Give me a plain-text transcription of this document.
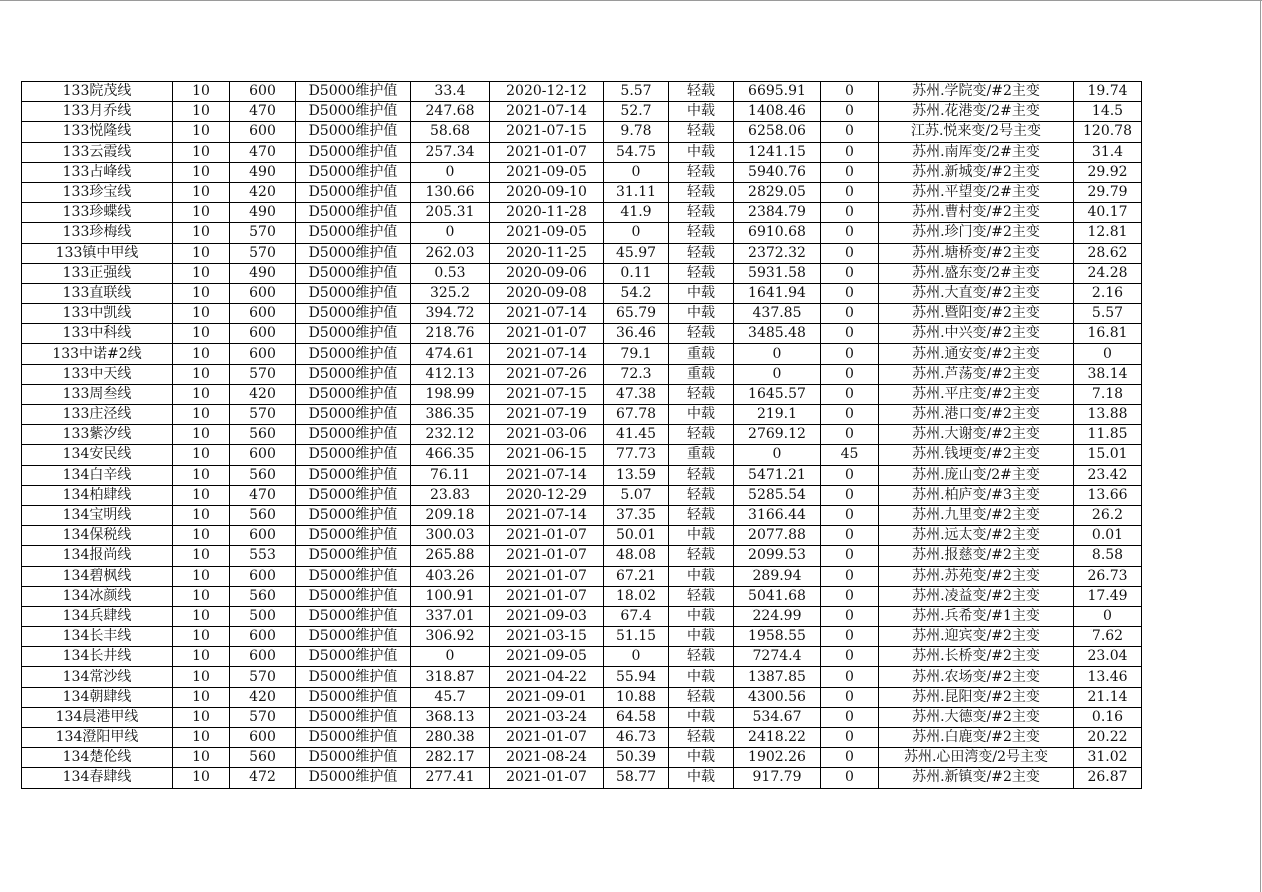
133院茂线	10	600	D5000维护值	33.4	2020-12-12	5.57	轻载	6695.91	0	苏州.学院变/#2主变	19.74
133月乔线	10	470	D5000维护值	247.68	2021-07-14	52.7	中载	1408.46	0	苏州.花港变/2#主变	14.5
133悦隆线	10	600	D5000维护值	58.68	2021-07-15	9.78	轻载	6258.06	0	江苏.悦来变/2号主变	120.78
133云霞线	10	470	D5000维护值	257.34	2021-01-07	54.75	中载	1241.15	0	苏州.南厍变/2#主变	31.4
133占峰线	10	490	D5000维护值	0	2021-09-05	0	轻载	5940.76	0	苏州.新城变/#2主变	29.92
133珍宝线	10	420	D5000维护值	130.66	2020-09-10	31.11	轻载	2829.05	0	苏州.平望变/2#主变	29.79
133珍蝶线	10	490	D5000维护值	205.31	2020-11-28	41.9	轻载	2384.79	0	苏州.曹村变/#2主变	40.17
133珍梅线	10	570	D5000维护值	0	2021-09-05	0	轻载	6910.68	0	苏州.珍门变/#2主变	12.81
133镇中甲线	10	570	D5000维护值	262.03	2020-11-25	45.97	轻载	2372.32	0	苏州.塘桥变/#2主变	28.62
133正强线	10	490	D5000维护值	0.53	2020-09-06	0.11	轻载	5931.58	0	苏州.盛东变/2#主变	24.28
133直联线	10	600	D5000维护值	325.2	2020-09-08	54.2	中载	1641.94	0	苏州.大直变/#2主变	2.16
133中凯线	10	600	D5000维护值	394.72	2021-07-14	65.79	中载	437.85	0	苏州.暨阳变/#2主变	5.57
133中科线	10	600	D5000维护值	218.76	2021-01-07	36.46	轻载	3485.48	0	苏州.中兴变/#2主变	16.81
133中诺#2线	10	600	D5000维护值	474.61	2021-07-14	79.1	重载	0	0	苏州.通安变/#2主变	0
133中天线	10	570	D5000维护值	412.13	2021-07-26	72.3	重载	0	0	苏州.芦荡变/#2主变	38.14
133周叁线	10	420	D5000维护值	198.99	2021-07-15	47.38	轻载	1645.57	0	苏州.平庄变/#2主变	7.18
133庄泾线	10	570	D5000维护值	386.35	2021-07-19	67.78	中载	219.1	0	苏州.港口变/#2主变	13.88
133紫汐线	10	560	D5000维护值	232.12	2021-03-06	41.45	轻载	2769.12	0	苏州.大谢变/#2主变	11.85
134安民线	10	600	D5000维护值	466.35	2021-06-15	77.73	重载	0	45	苏州.钱埂变/#2主变	15.01
134白辛线	10	560	D5000维护值	76.11	2021-07-14	13.59	轻载	5471.21	0	苏州.庞山变/2#主变	23.42
134柏肆线	10	470	D5000维护值	23.83	2020-12-29	5.07	轻载	5285.54	0	苏州.柏庐变/#3主变	13.66
134宝明线	10	560	D5000维护值	209.18	2021-07-14	37.35	轻载	3166.44	0	苏州.九里变/#2主变	26.2
134保税线	10	600	D5000维护值	300.03	2021-01-07	50.01	中载	2077.88	0	苏州.远太变/#2主变	0.01
134报尚线	10	553	D5000维护值	265.88	2021-01-07	48.08	轻载	2099.53	0	苏州.报慈变/#2主变	8.58
134碧枫线	10	600	D5000维护值	403.26	2021-01-07	67.21	中载	289.94	0	苏州.苏苑变/#2主变	26.73
134冰颜线	10	560	D5000维护值	100.91	2021-01-07	18.02	轻载	5041.68	0	苏州.凌益变/#2主变	17.49
134兵肆线	10	500	D5000维护值	337.01	2021-09-03	67.4	中载	224.99	0	苏州.兵希变/#1主变	0
134长丰线	10	600	D5000维护值	306.92	2021-03-15	51.15	中载	1958.55	0	苏州.迎宾变/#2主变	7.62
134长井线	10	600	D5000维护值	0	2021-09-05	0	轻载	7274.4	0	苏州.长桥变/#2主变	23.04
134常沙线	10	570	D5000维护值	318.87	2021-04-22	55.94	中载	1387.85	0	苏州.农场变/#2主变	13.46
134朝肆线	10	420	D5000维护值	45.7	2021-09-01	10.88	轻载	4300.56	0	苏州.昆阳变/#2主变	21.14
134晨港甲线	10	570	D5000维护值	368.13	2021-03-24	64.58	中载	534.67	0	苏州.大德变/#2主变	0.16
134澄阳甲线	10	600	D5000维护值	280.38	2021-01-07	46.73	轻载	2418.22	0	苏州.白鹿变/#2主变	20.22
134楚伦线	10	560	D5000维护值	282.17	2021-08-24	50.39	中载	1902.26	0	苏州.心田湾变/2号主变	31.02
134春肆线	10	472	D5000维护值	277.41	2021-01-07	58.77	中载	917.79	0	苏州.新镇变/#2主变	26.87
